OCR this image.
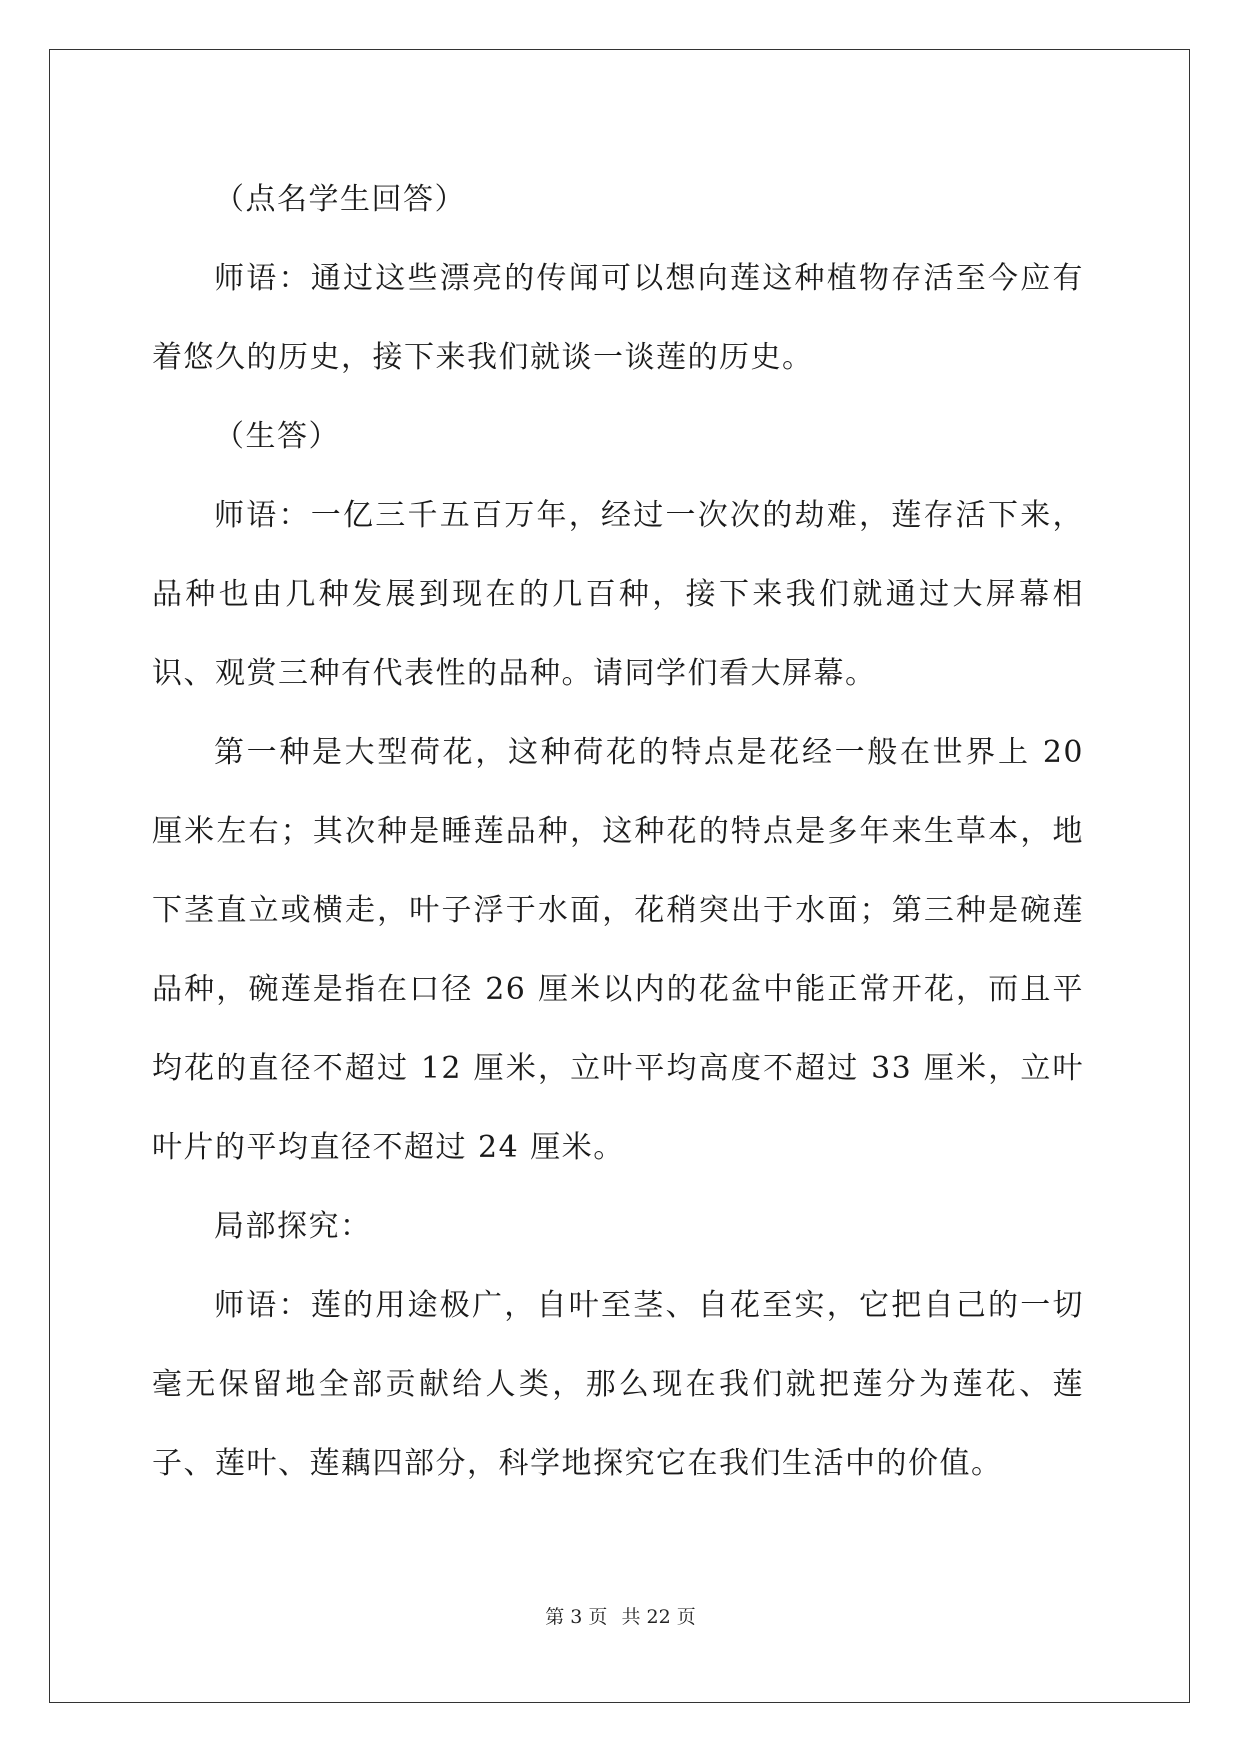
（点名学生回答）

师语：通过这些漂亮的传闻可以想向莲这种植物存活至今应有着悠久的历史，接下来我们就谈一谈莲的历史。

（生答）

师语：一亿三千五百万年，经过一次次的劫难，莲存活下来，品种也由几种发展到现在的几百种，接下来我们就通过大屏幕相识、观赏三种有代表性的品种。请同学们看大屏幕。

第一种是大型荷花，这种荷花的特点是花经一般在世界上 20 厘米左右；其次种是睡莲品种，这种花的特点是多年来生草本，地下茎直立或横走，叶子浮于水面，花稍突出于水面；第三种是碗莲品种，碗莲是指在口径 26 厘米以内的花盆中能正常开花，而且平均花的直径不超过 12 厘米，立叶平均高度不超过 33 厘米，立叶叶片的平均直径不超过 24 厘米。

局部探究：

师语：莲的用途极广，自叶至茎、自花至实，它把自己的一切毫无保留地全部贡献给人类，那么现在我们就把莲分为莲花、莲子、莲叶、莲藕四部分，科学地探究它在我们生活中的价值。

第 3 页 共 22 页
